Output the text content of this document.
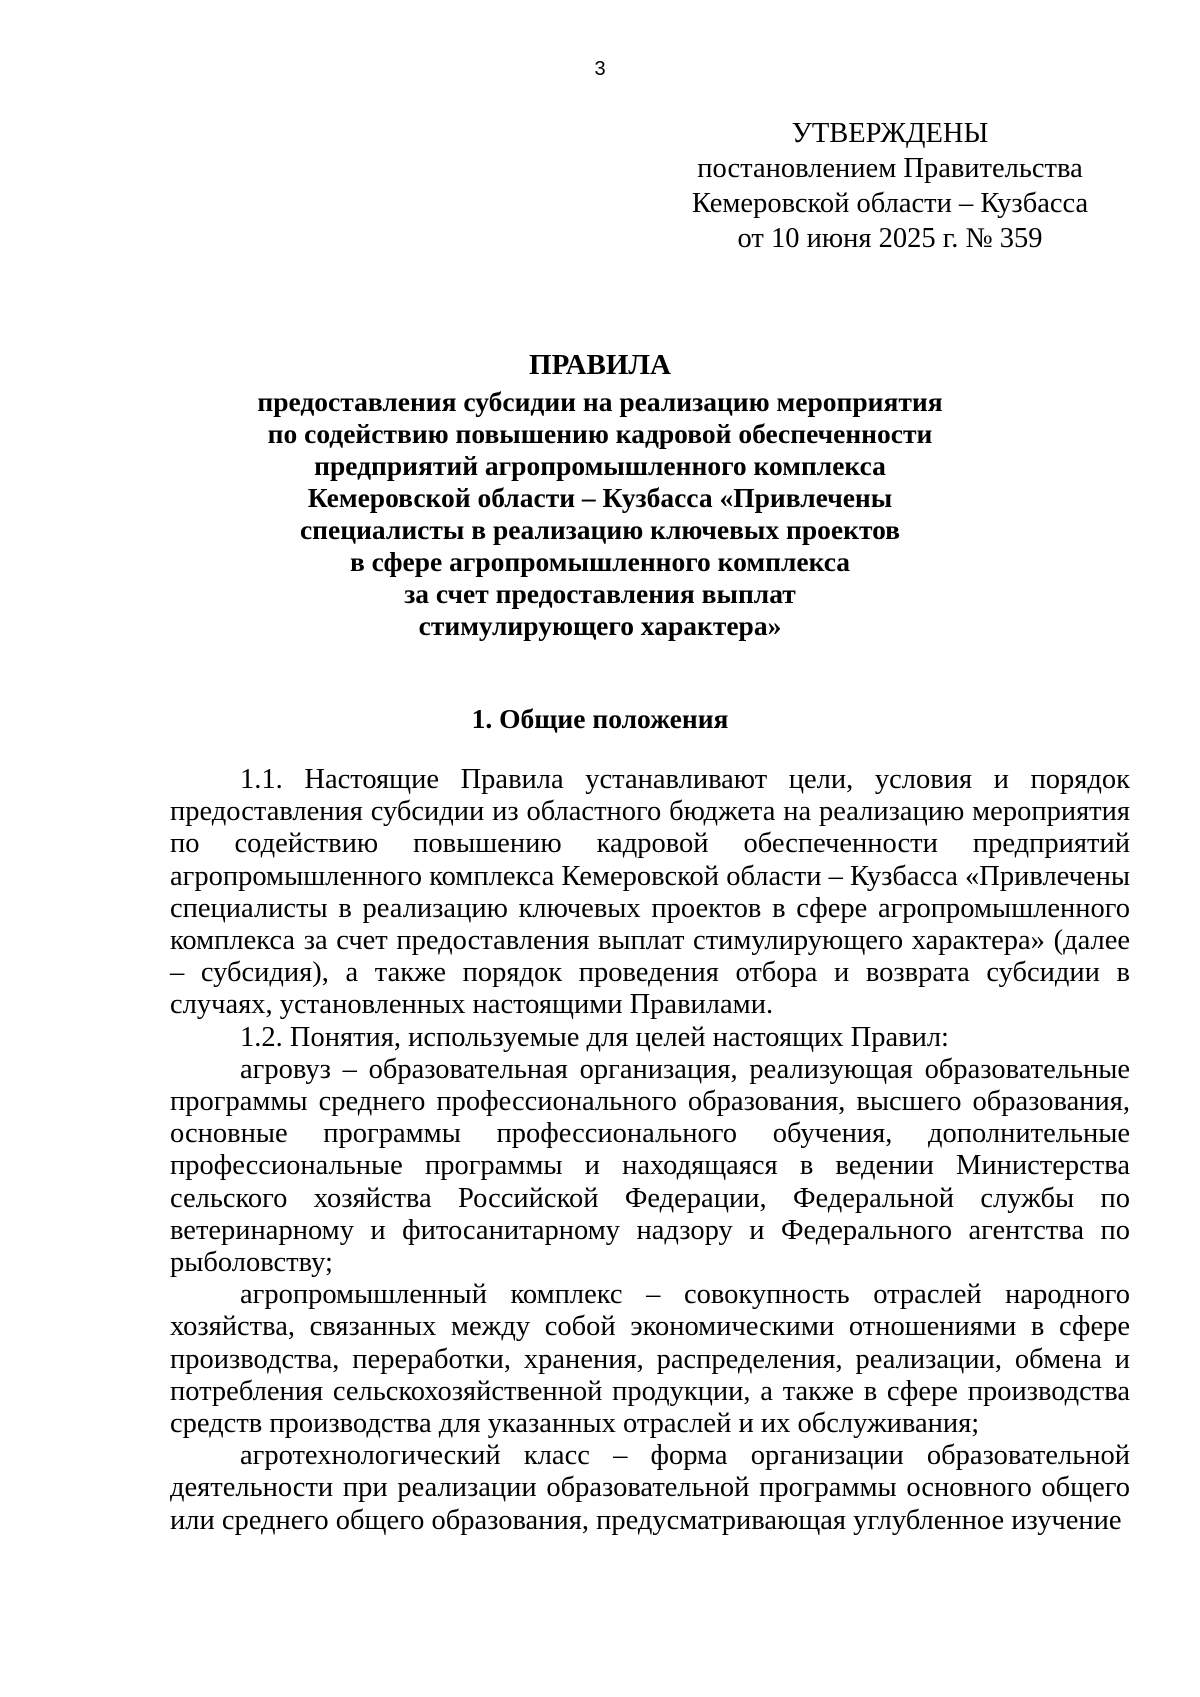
3
УТВЕРЖДЕНЫ
постановлением Правительства
Кемеровской области – Кузбасса
от 10 июня 2025 г. № 359
ПРАВИЛА
предоставления субсидии на реализацию мероприятия
по содействию повышению кадровой обеспеченности
предприятий агропромышленного комплекса
Кемеровской области – Кузбасса «Привлечены
специалисты в реализацию ключевых проектов
в сфере агропромышленного комплекса
за счет предоставления выплат
стимулирующего характера»
1. Общие положения

1.1. Настоящие Правила устанавливают цели, условия и порядок предоставления субсидии из областного бюджета на реализацию мероприятия по содействию повышению кадровой обеспеченности предприятий агропромышленного комплекса Кемеровской области – Кузбасса «Привлечены специалисты в реализацию ключевых проектов в сфере агропромышленного комплекса за счет предоставления выплат стимулирующего характера» (далее – субсидия), а также порядок проведения отбора и возврата субсидии в случаях, установленных настоящими Правилами.

1.2. Понятия, используемые для целей настоящих Правил:

агровуз – образовательная организация, реализующая образовательные программы среднего профессионального образования, высшего образования, основные программы профессионального обучения, дополнительные профессиональные программы и находящаяся в ведении Министерства сельского хозяйства Российской Федерации, Федеральной службы по ветеринарному и фитосанитарному надзору и Федерального агентства по рыболовству;

агропромышленный комплекс – совокупность отраслей народного хозяйства, связанных между собой экономическими отношениями в сфере производства, переработки, хранения, распределения, реализации, обмена и потребления сельскохозяйственной продукции, а также в сфере производства средств производства для указанных отраслей и их обслуживания;

агротехнологический класс – форма организации образовательной деятельности при реализации образовательной программы основного общего или среднего общего образования, предусматривающая углубленное изучение
